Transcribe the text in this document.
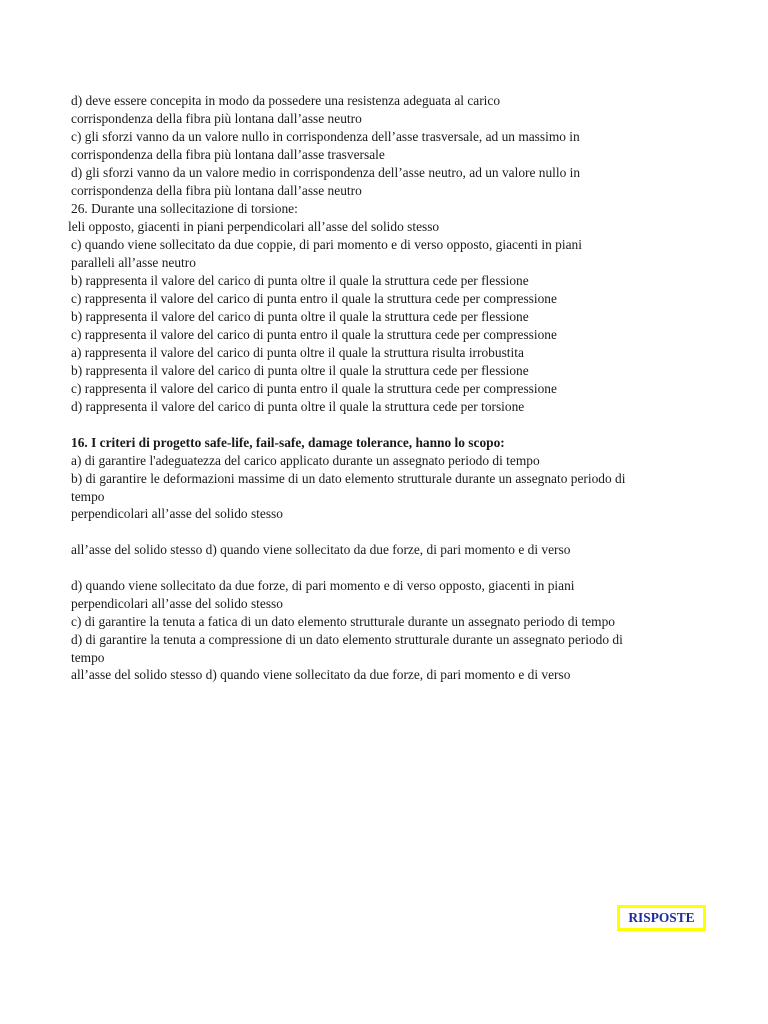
d) deve essere concepita in modo da possedere una resistenza adeguata al carico
corrispondenza della fibra più lontana dall’asse neutro
c) gli sforzi vanno da un valore nullo in corrispondenza dell’asse trasversale, ad un massimo in
corrispondenza della fibra più lontana dall’asse trasversale
d) gli sforzi vanno da un valore medio in corrispondenza dell’asse neutro, ad un valore nullo in
corrispondenza della fibra più lontana dall’asse neutro
26. Durante una sollecitazione di torsione:
leli opposto, giacenti in piani perpendicolari all’asse del solido stesso
c) quando viene sollecitato da due coppie, di pari momento e di verso opposto, giacenti in piani
paralleli all’asse neutro
b) rappresenta il valore del carico di punta oltre il quale la struttura cede per flessione
c) rappresenta il valore del carico di punta entro il quale la struttura cede per compressione
b) rappresenta il valore del carico di punta oltre il quale la struttura cede per flessione
c) rappresenta il valore del carico di punta entro il quale la struttura cede per compressione
a) rappresenta il valore del carico di punta oltre il quale la struttura risulta irrobustita
b) rappresenta il valore del carico di punta oltre il quale la struttura cede per flessione
c) rappresenta il valore del carico di punta entro il quale la struttura cede per compressione
d) rappresenta il valore del carico di punta oltre il quale la struttura cede per torsione
16. I criteri di progetto safe-life, fail-safe, damage tolerance, hanno lo scopo:
a) di garantire l'adeguatezza del carico applicato durante un assegnato periodo di tempo
b) di garantire le deformazioni massime di un dato elemento strutturale durante un assegnato periodo di
tempo
perpendicolari all’asse del solido stesso
all’asse del solido stesso d) quando viene sollecitato da due forze, di pari momento e di verso
d) quando viene sollecitato da due forze, di pari momento e di verso opposto, giacenti in piani
perpendicolari all’asse del solido stesso
c) di garantire la tenuta a fatica di un dato elemento strutturale durante un assegnato periodo di tempo
d) di garantire la tenuta a compressione di un dato elemento strutturale durante un assegnato periodo di
tempo
all’asse del solido stesso d) quando viene sollecitato da due forze, di pari momento e di verso
RISPOSTE
